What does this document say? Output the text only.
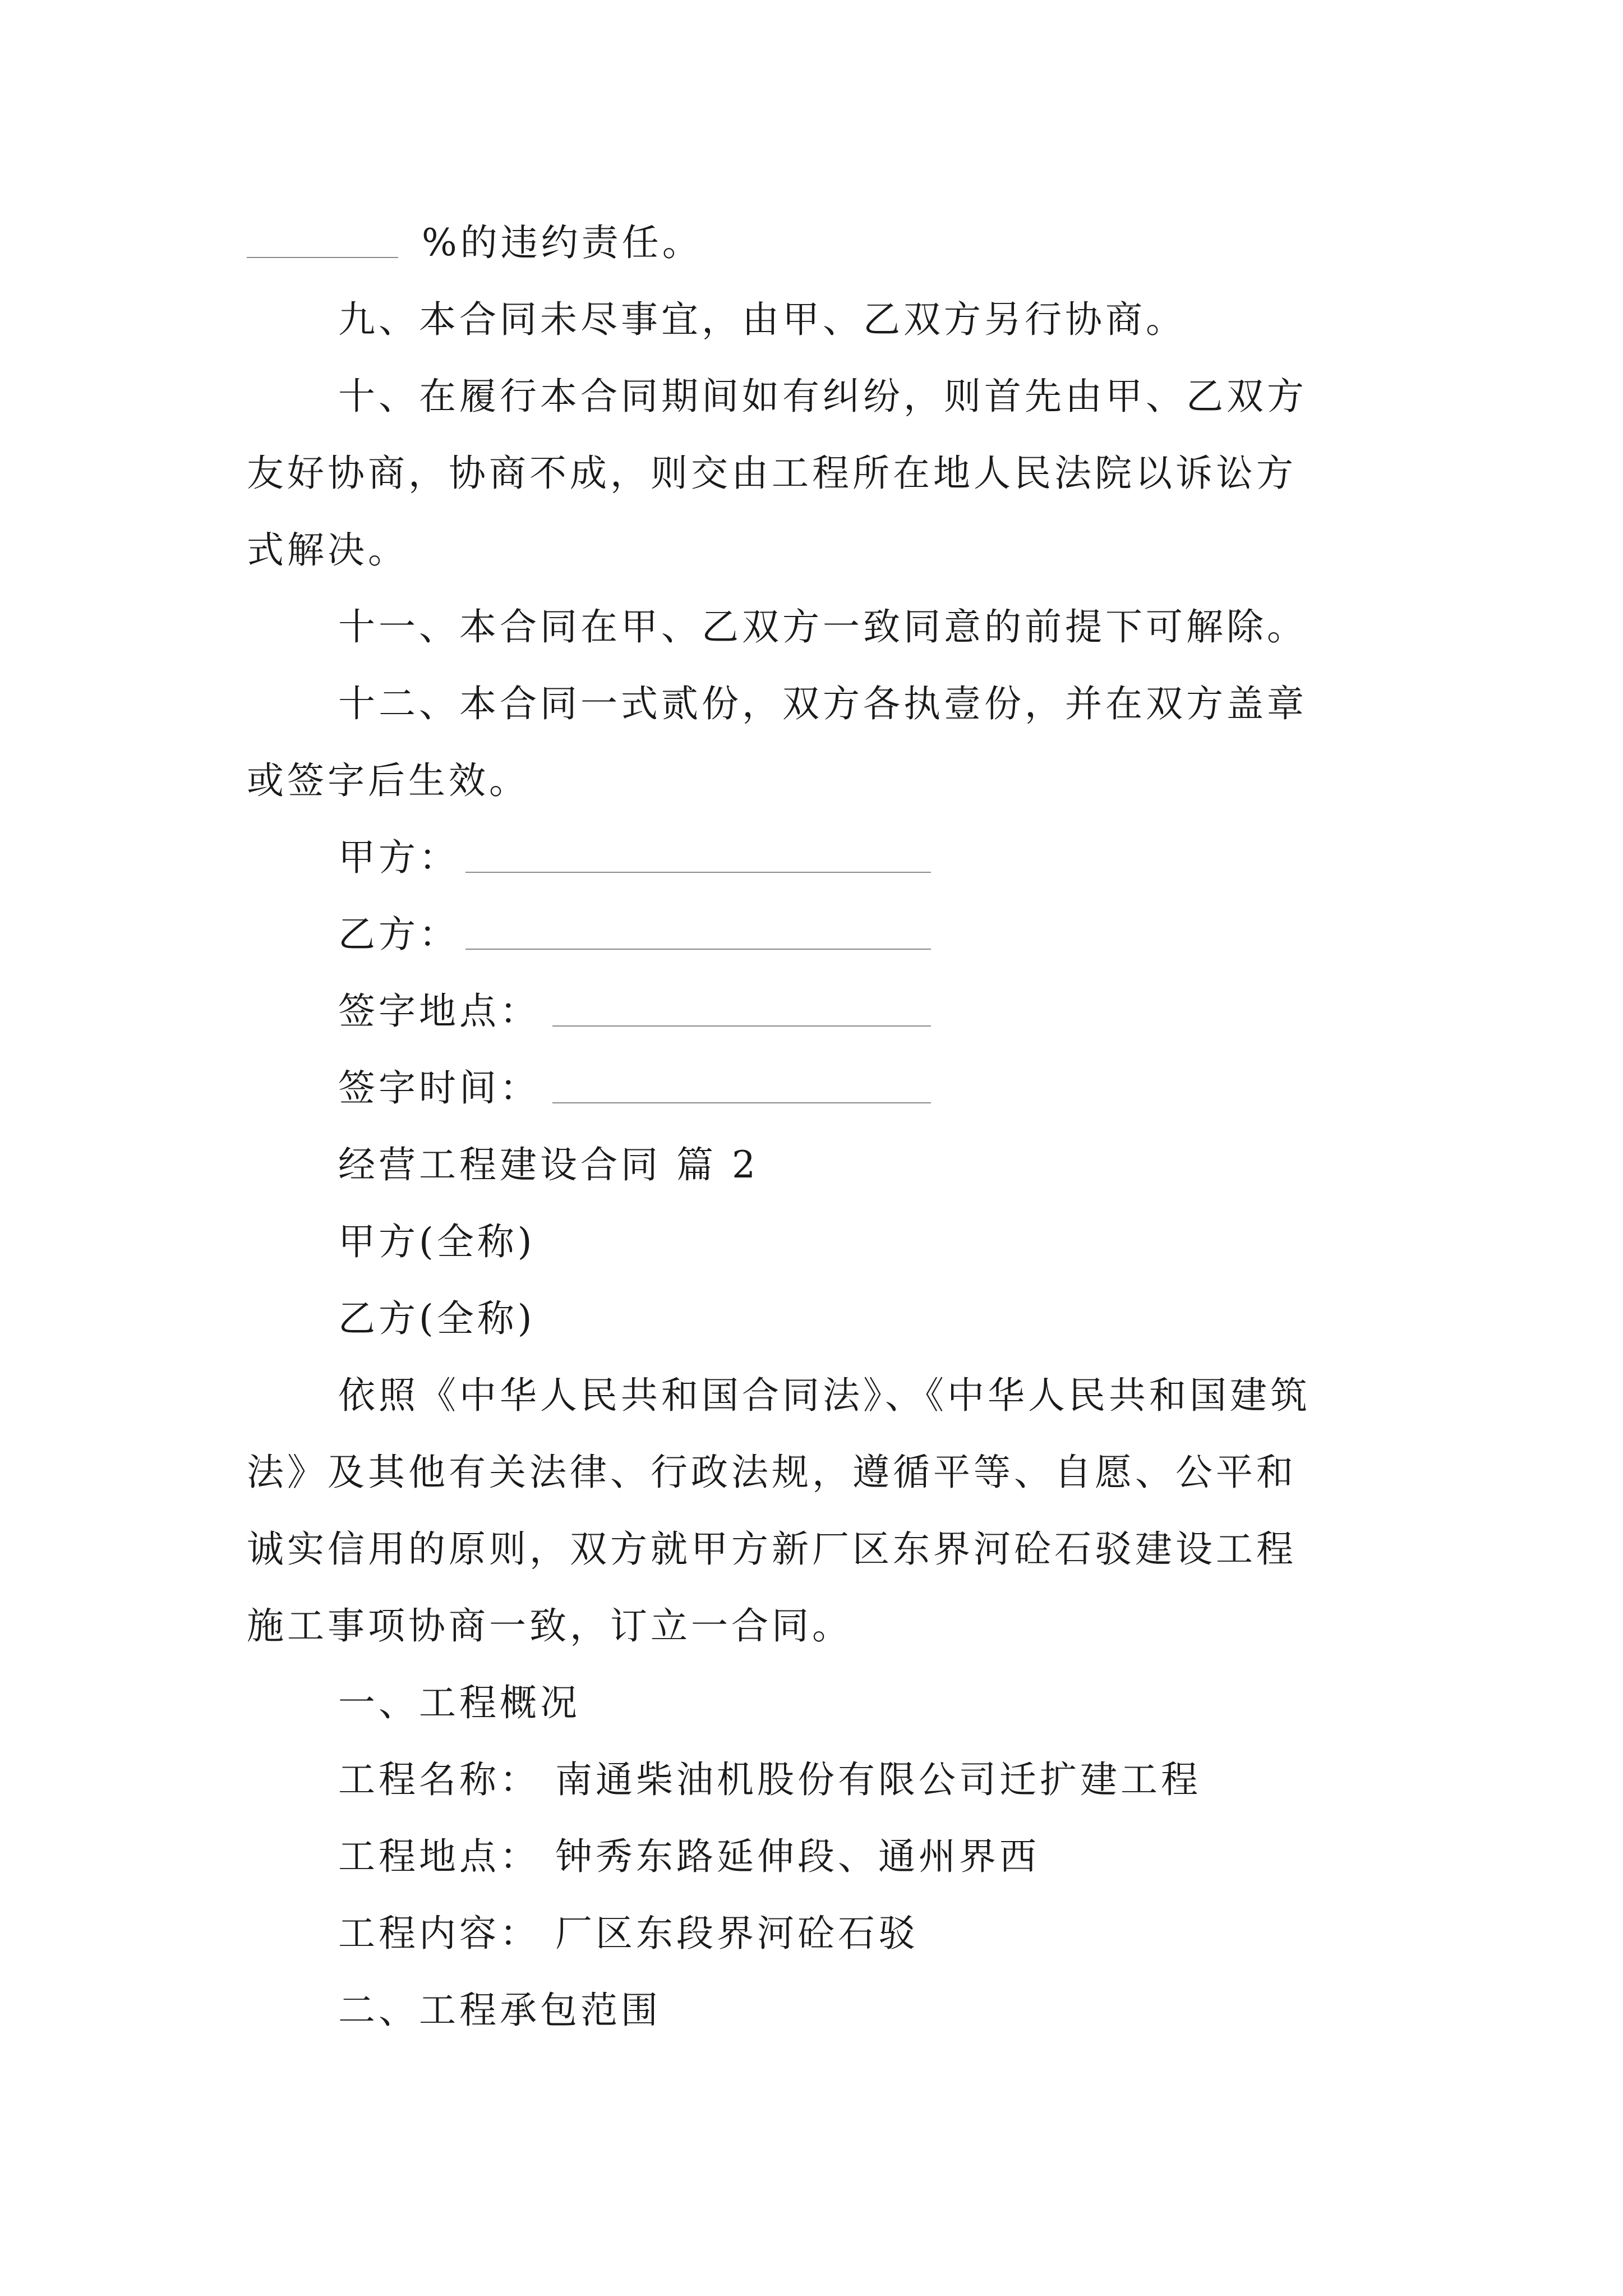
%的违约责任。
九、本合同未尽事宜，由甲、乙双方另行协商。
十、在履行本合同期间如有纠纷，则首先由甲、乙双方
友好协商，协商不成，则交由工程所在地人民法院以诉讼方
式解决。
十一、本合同在甲、乙双方一致同意的前提下可解除。
十二、本合同一式贰份，双方各执壹份，并在双方盖章
或签字后生效。
甲方：
乙方：
签字地点：
签字时间：
经营工程建设合同 篇 2
甲方(全称)
乙方(全称)
依照《中华人民共和国合同法》、《中华人民共和国建筑
法》及其他有关法律、行政法规，遵循平等、自愿、公平和
诚实信用的原则，双方就甲方新厂区东界河砼石驳建设工程
施工事项协商一致，订立一合同。
一、工程概况
工程名称： 南通柴油机股份有限公司迁扩建工程
工程地点： 钟秀东路延伸段、通州界西
工程内容： 厂区东段界河砼石驳
二、工程承包范围
